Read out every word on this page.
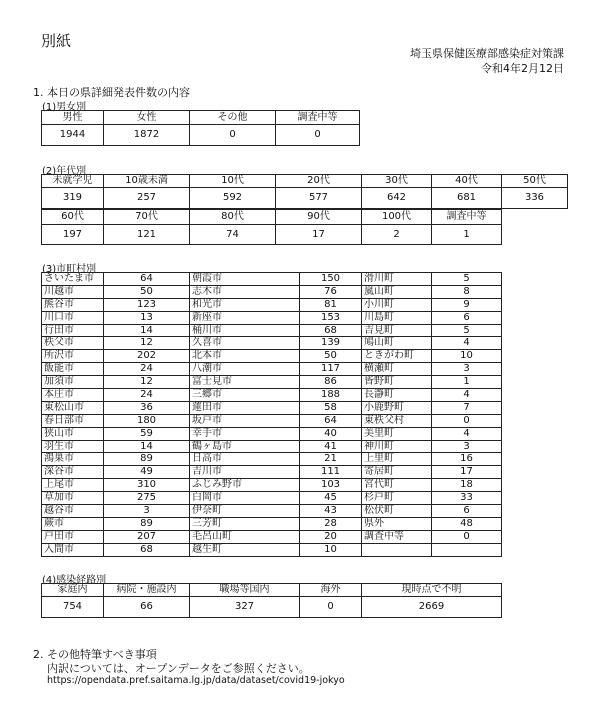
別紙
埼玉県保健医療部感染症対策課
令和4年2月12日
1. 本日の県詳細発表件数の内容
(1)男女別
男性	女性	その他	調査中等
1944	1872	0	0
(2)年代別
未就学児	10歳未満	10代	20代	30代	40代	50代
319	257	592	577	642	681	336
60代	70代	80代	90代	100代	調査中等
197	121	74	17	2	1
(3)市町村別
さいたま市	64	朝霞市	150	滑川町	5
川越市	50	志木市	76	嵐山町	8
熊谷市	123	和光市	81	小川町	9
川口市	13	新座市	153	川島町	6
行田市	14	桶川市	68	吉見町	5
秩父市	12	久喜市	139	鳩山町	4
所沢市	202	北本市	50	ときがわ町	10
飯能市	24	八潮市	117	横瀬町	3
加須市	12	富士見市	86	皆野町	1
本庄市	24	三郷市	188	長瀞町	4
東松山市	36	蓮田市	58	小鹿野町	7
春日部市	180	坂戸市	64	東秩父村	0
狭山市	59	幸手市	40	美里町	4
羽生市	14	鶴ヶ島市	41	神川町	3
鴻巣市	89	日高市	21	上里町	16
深谷市	49	吉川市	111	寄居町	17
上尾市	310	ふじみ野市	103	宮代町	18
草加市	275	白岡市	45	杉戸町	33
越谷市	3	伊奈町	43	松伏町	6
蕨市	89	三芳町	28	県外	48
戸田市	207	毛呂山町	20	調査中等	0
入間市	68	越生町	10		
(4)感染経路別
家庭内	病院・施設内	職場等国内	海外	現時点で不明
754	66	327	0	2669
2. その他特筆すべき事項
内訳については、オープンデータをご参照ください。
https://opendata.pref.saitama.lg.jp/data/dataset/covid19-jokyo
